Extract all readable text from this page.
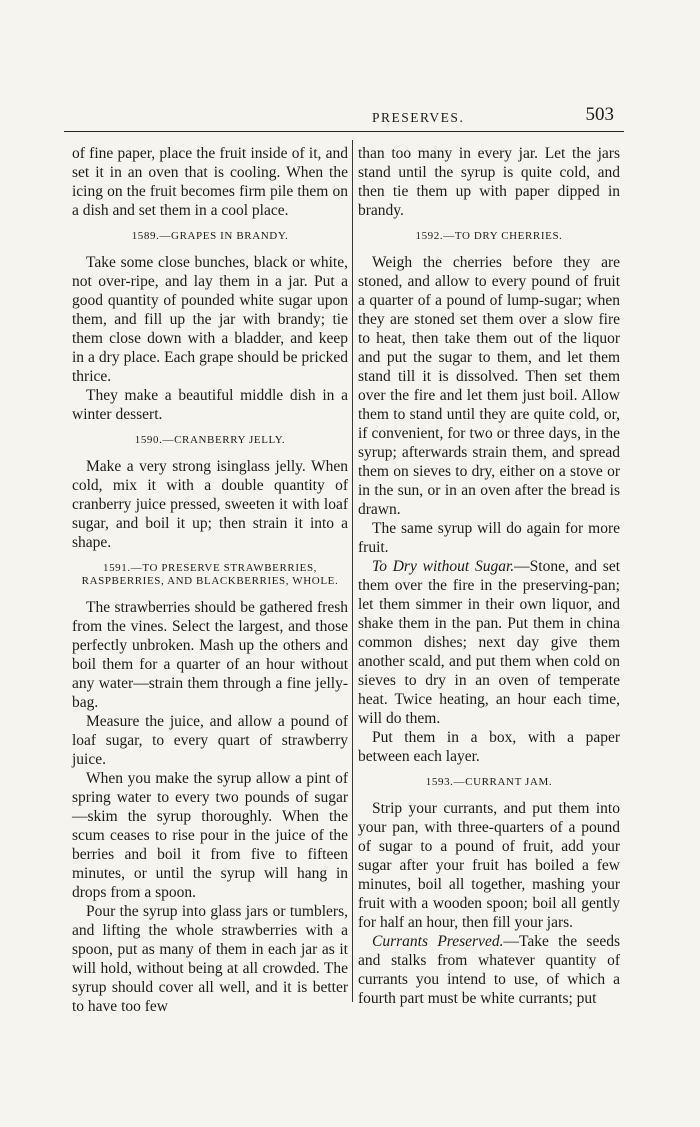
PRESERVES.	503

of fine paper, place the fruit inside of it, and set it in an oven that is cooling. When the icing on the fruit becomes firm pile them on a dish and set them in a cool place.

1589.—GRAPES IN BRANDY.

Take some close bunches, black or white, not over-ripe, and lay them in a jar. Put a good quantity of pounded white sugar upon them, and fill up the jar with brandy; tie them close down with a bladder, and keep in a dry place. Each grape should be pricked thrice.

They make a beautiful middle dish in a winter dessert.

1590.—CRANBERRY JELLY.

Make a very strong isinglass jelly. When cold, mix it with a double quantity of cranberry juice pressed, sweeten it with loaf sugar, and boil it up; then strain it into a shape.

1591.—TO PRESERVE STRAWBERRIES, RASPBERRIES, AND BLACKBERRIES, WHOLE.

The strawberries should be gathered fresh from the vines. Select the largest, and those perfectly unbroken. Mash up the others and boil them for a quarter of an hour without any water—strain them through a fine jelly-bag.

Measure the juice, and allow a pound of loaf sugar, to every quart of strawberry juice.

When you make the syrup allow a pint of spring water to every two pounds of sugar—skim the syrup thoroughly. When the scum ceases to rise pour in the juice of the berries and boil it from five to fifteen minutes, or until the syrup will hang in drops from a spoon.

Pour the syrup into glass jars or tumblers, and lifting the whole strawberries with a spoon, put as many of them in each jar as it will hold, without being at all crowded. The syrup should cover all well, and it is better to have too few

than too many in every jar. Let the jars stand until the syrup is quite cold, and then tie them up with paper dipped in brandy.

1592.—TO DRY CHERRIES.

Weigh the cherries before they are stoned, and allow to every pound of fruit a quarter of a pound of lump-sugar; when they are stoned set them over a slow fire to heat, then take them out of the liquor and put the sugar to them, and let them stand till it is dissolved. Then set them over the fire and let them just boil. Allow them to stand until they are quite cold, or, if convenient, for two or three days, in the syrup; afterwards strain them, and spread them on sieves to dry, either on a stove or in the sun, or in an oven after the bread is drawn.

The same syrup will do again for more fruit.

To Dry without Sugar.—Stone, and set them over the fire in the preserving-pan; let them simmer in their own liquor, and shake them in the pan. Put them in china common dishes; next day give them another scald, and put them when cold on sieves to dry in an oven of temperate heat. Twice heating, an hour each time, will do them.

Put them in a box, with a paper between each layer.

1593.—CURRANT JAM.

Strip your currants, and put them into your pan, with three-quarters of a pound of sugar to a pound of fruit, add your sugar after your fruit has boiled a few minutes, boil all together, mashing your fruit with a wooden spoon; boil all gently for half an hour, then fill your jars.

Currants Preserved.—Take the seeds and stalks from whatever quantity of currants you intend to use, of which a fourth part must be white currants; put
